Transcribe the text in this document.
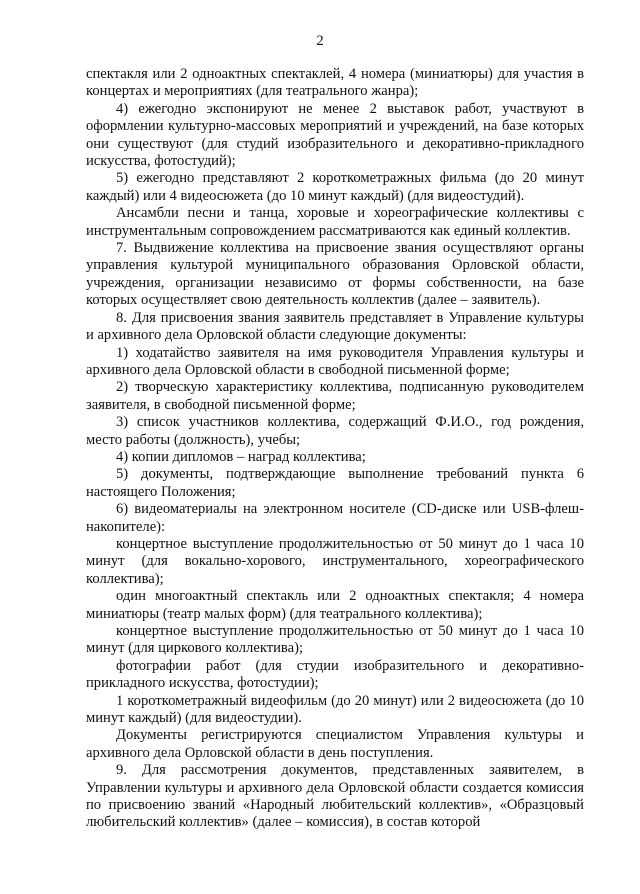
2

спектакля или 2 одноактных спектаклей, 4 номера (миниатюры) для участия в концертах и мероприятиях (для театрального жанра);

4) ежегодно экспонируют не менее 2 выставок работ, участвуют в оформлении культурно-массовых мероприятий и учреждений, на базе которых они существуют (для студий изобразительного и декоративно-прикладного искусства, фотостудий);

5) ежегодно представляют 2 короткометражных фильма (до 20 минут каждый) или 4 видеосюжета (до 10 минут каждый) (для видеостудий).

Ансамбли песни и танца, хоровые и хореографические коллективы с инструментальным сопровождением рассматриваются как единый коллектив.

7. Выдвижение коллектива на присвоение звания осуществляют органы управления культурой муниципального образования Орловской области, учреждения, организации независимо от формы собственности, на базе которых осуществляет свою деятельность коллектив (далее – заявитель).

8. Для присвоения звания заявитель представляет в Управление культуры и архивного дела Орловской области следующие документы:

1) ходатайство заявителя на имя руководителя Управления культуры и архивного дела Орловской области в свободной письменной форме;

2) творческую характеристику коллектива, подписанную руководителем заявителя, в свободной письменной форме;

3) список участников коллектива, содержащий Ф.И.О., год рождения, место работы (должность), учебы;

4) копии дипломов – наград коллектива;

5) документы, подтверждающие выполнение требований пункта 6 настоящего Положения;

6) видеоматериалы на электронном носителе (CD-диске или USB-флеш-накопителе):

концертное выступление продолжительностью от 50 минут до 1 часа 10 минут (для вокально-хорового, инструментального, хореографического коллектива);

один многоактный спектакль или 2 одноактных спектакля; 4 номера миниатюры (театр малых форм) (для театрального коллектива);

концертное выступление продолжительностью от 50 минут до 1 часа 10 минут (для циркового коллектива);

фотографии работ (для студии изобразительного и декоративно-прикладного искусства, фотостудии);

1 короткометражный видеофильм (до 20 минут) или 2 видеосюжета (до 10 минут каждый) (для видеостудии).

Документы регистрируются специалистом Управления культуры и архивного дела Орловской области в день поступления.

9. Для рассмотрения документов, представленных заявителем, в Управлении культуры и архивного дела Орловской области создается комиссия по присвоению званий «Народный любительский коллектив», «Образцовый любительский коллектив» (далее – комиссия), в состав которой
